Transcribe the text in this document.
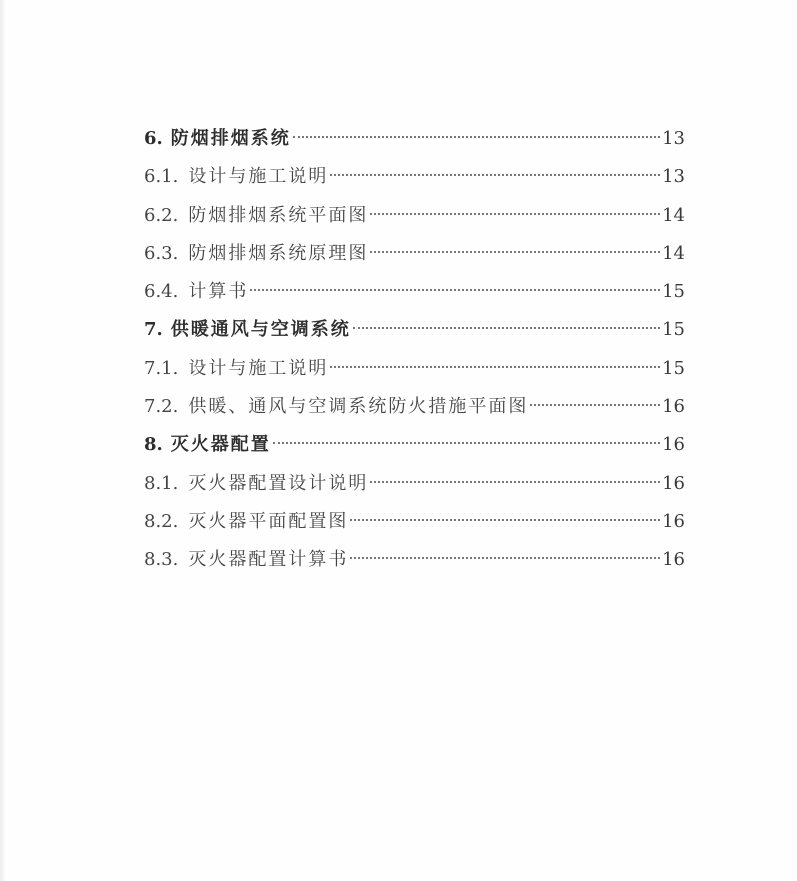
6. 防烟排烟系统	13
6.1. 设计与施工说明	13
6.2. 防烟排烟系统平面图	14
6.3. 防烟排烟系统原理图	14
6.4. 计算书	15
7. 供暖通风与空调系统	15
7.1. 设计与施工说明	15
7.2. 供暖、通风与空调系统防火措施平面图	16
8. 灭火器配置	16
8.1. 灭火器配置设计说明	16
8.2. 灭火器平面配置图	16
8.3. 灭火器配置计算书	16
